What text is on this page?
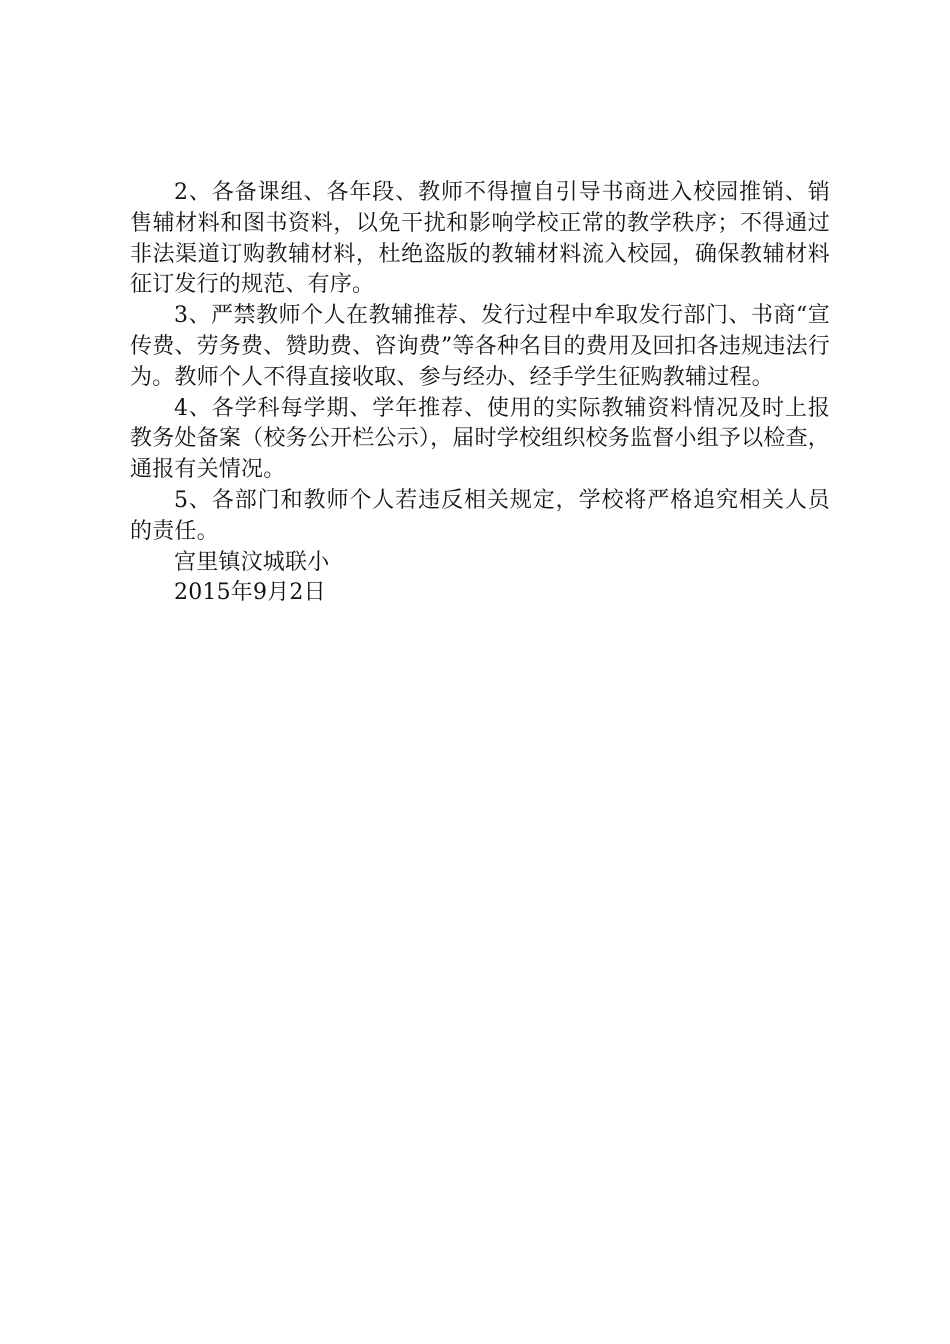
2、各备课组、各年段、教师不得擅自引导书商进入校园推销、销售辅材料和图书资料，以免干扰和影响学校正常的教学秩序；不得通过非法渠道订购教辅材料，杜绝盗版的教辅材料流入校园，确保教辅材料征订发行的规范、有序。

3、严禁教师个人在教辅推荐、发行过程中牟取发行部门、书商“宣传费、劳务费、赞助费、咨询费”等各种名目的费用及回扣各违规违法行为。教师个人不得直接收取、参与经办、经手学生征购教辅过程。

4、各学科每学期、学年推荐、使用的实际教辅资料情况及时上报教务处备案（校务公开栏公示），届时学校组织校务监督小组予以检查，通报有关情况。

5、各部门和教师个人若违反相关规定，学校将严格追究相关人员的责任。

宫里镇汶城联小

2015年9月2日
